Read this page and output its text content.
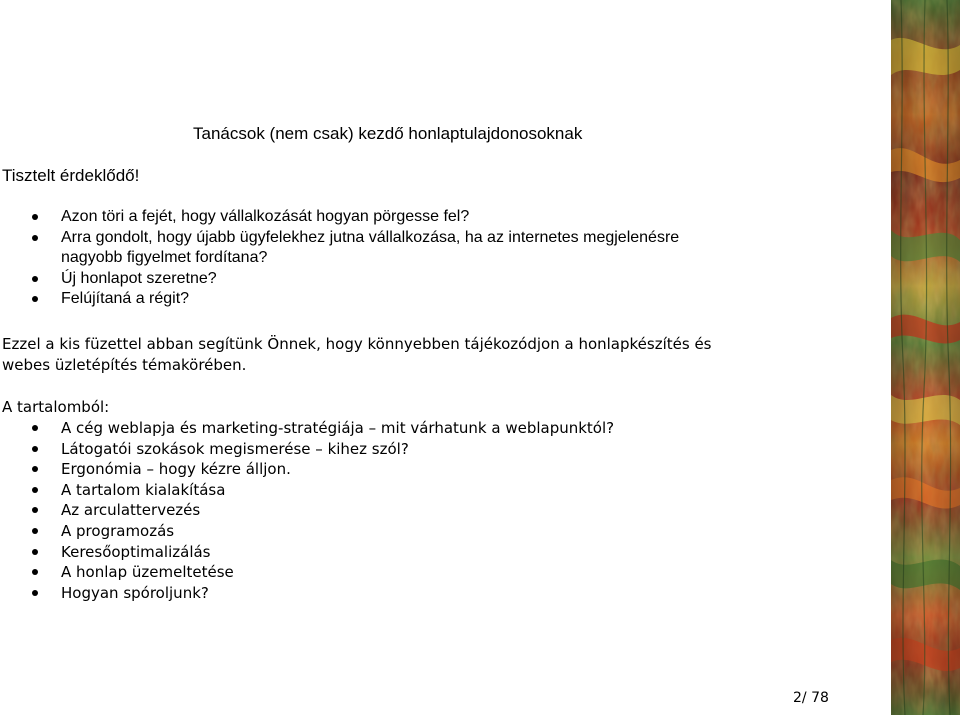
Tanácsok (nem csak) kezdő honlaptulajdonosoknak
Tisztelt érdeklődő!
Azon töri a fejét, hogy vállalkozását hogyan pörgesse fel?
Arra gondolt, hogy újabb ügyfelekhez jutna vállalkozása, ha az internetes megjelenésre
nagyobb figyelmet fordítana?
Új honlapot szeretne?
Felújítaná a régit?
Ezzel a kis füzettel abban segítünk Önnek, hogy könnyebben tájékozódjon a honlapkészítés és
webes üzletépítés témakörében.
A tartalomból:
A cég weblapja és marketing-stratégiája – mit várhatunk a weblapunktól?
Látogatói szokások megismerése – kihez szól?
Ergonómia – hogy kézre álljon.
A tartalom kialakítása
Az arculattervezés
A programozás
Keresőoptimalizálás
A honlap üzemeltetése
Hogyan spóroljunk?
2/ 78
